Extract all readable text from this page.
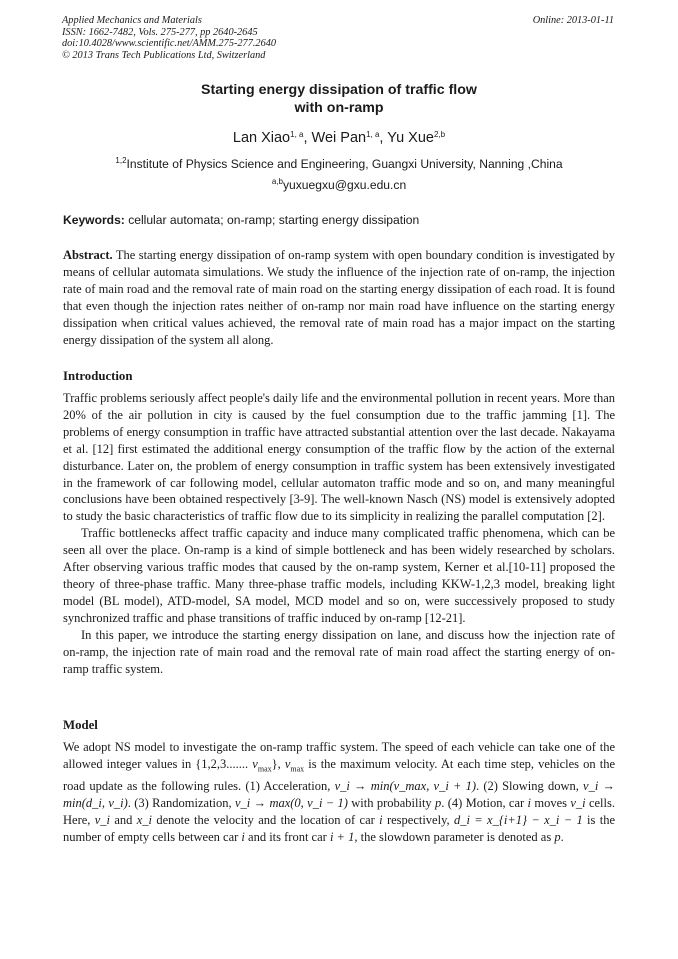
Applied Mechanics and Materials
ISSN: 1662-7482, Vols. 275-277, pp 2640-2645
doi:10.4028/www.scientific.net/AMM.275-277.2640
© 2013 Trans Tech Publications Ltd, Switzerland
Online: 2013-01-11
Starting energy dissipation of traffic flow
with on-ramp
Lan Xiao$^{1, a}$, Wei Pan$^{1, a}$, Yu Xue$^{2,b}$
$^{1,2}$Institute of Physics Science and Engineering, Guangxi University, Nanning ,China
$^{a,b}$yuxuegxu@gxu.edu.cn
Keywords: cellular automata; on-ramp; starting energy dissipation
Abstract. The starting energy dissipation of on-ramp system with open boundary condition is investigated by means of cellular automata simulations. We study the influence of the injection rate of on-ramp, the injection rate of main road and the removal rate of main road on the starting energy dissipation of each road. It is found that even though the injection rates neither of on-ramp nor main road have influence on the starting energy dissipation when critical values achieved, the removal rate of main road has a major impact on the starting energy dissipation of the system all along.
Introduction

Traffic problems seriously affect people's daily life and the environmental pollution in recent years. More than 20% of the air pollution in city is caused by the fuel consumption due to the traffic jamming [1]. The problems of energy consumption in traffic have attracted substantial attention over the last decade. Nakayama et al. [12] first estimated the additional energy consumption of the traffic flow by the action of the external disturbance. Later on, the problem of energy consumption in traffic system has been extensively investigated in the framework of car following model, cellular automaton traffic mode and so on, and many meaningful conclusions have been obtained respectively [3-9]. The well-known Nasch (NS) model is extensively adopted to study the basic characteristics of traffic flow due to its simplicity in realizing the parallel computation [2].

Traffic bottlenecks affect traffic capacity and induce many complicated traffic phenomena, which can be seen all over the place. On-ramp is a kind of simple bottleneck and has been widely researched by scholars. After observing various traffic modes that caused by the on-ramp system, Kerner et al.[10-11] proposed the theory of three-phase traffic. Many three-phase traffic models, including KKW-1,2,3 model, breaking light model (BL model), ATD-model, SA model, MCD model and so on, were successively proposed to study synchronized traffic and phase transitions of traffic induced by on-ramp [12-21].

In this paper, we introduce the starting energy dissipation on lane, and discuss how the injection rate of on-ramp, the injection rate of main road and the removal rate of main road affect the starting energy of on-ramp traffic system.

Model

We adopt NS model to investigate the on-ramp traffic system. The speed of each vehicle can take one of the allowed integer values in {1,2,3....... $v_{max}$}, $v_{max}$ is the maximum velocity. At each time step, vehicles on the road update as the following rules. (1) Acceleration, v_i → min(v_max, v_i + 1). (2) Slowing down, v_i → min(d_i, v_i). (3) Randomization, v_i → max(0, v_i − 1) with probability p. (4) Motion, car i moves v_i cells. Here, v_i and x_i denote the velocity and the location of car i respectively, d_i = x_{i+1} − x_i − 1 is the number of empty cells between car i and its front car i + 1, the slowdown parameter is denoted as p.
